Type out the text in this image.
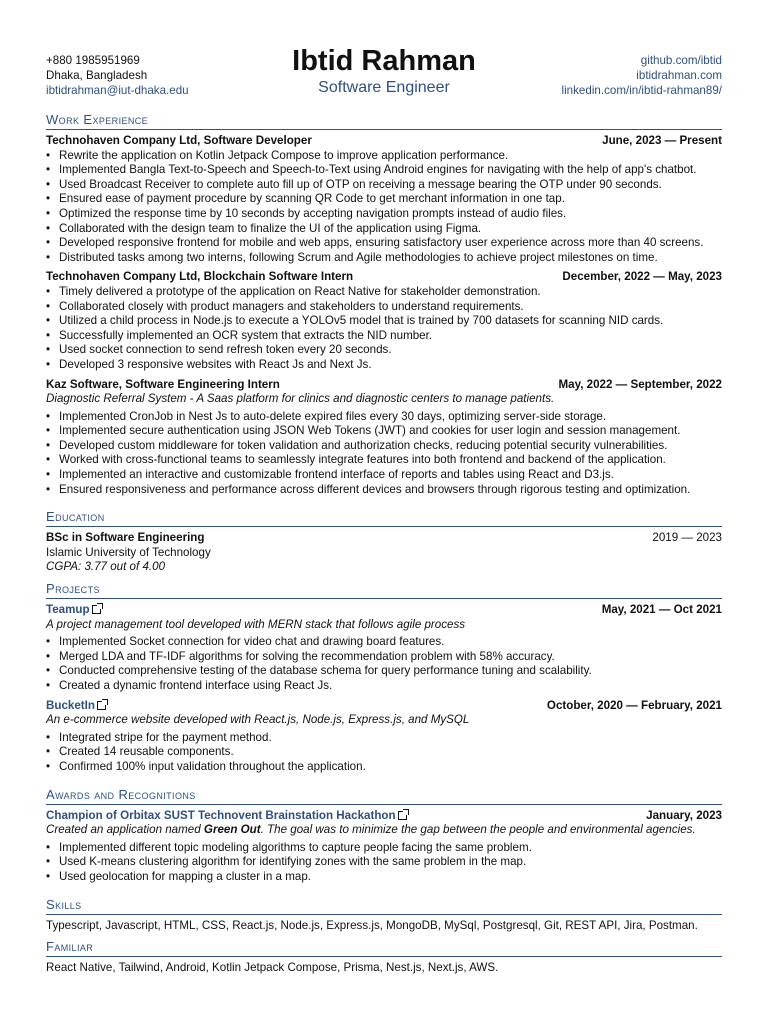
+880 1985951969
Dhaka, Bangladesh
ibtidrahman@iut-dhaka.edu
Ibtid Rahman
Software Engineer
github.com/ibtid
ibtidrahman.com
linkedin.com/in/ibtid-rahman89/
Work Experience
Technohaven Company Ltd, Software Developer	June, 2023 — Present
• Rewrite the application on Kotlin Jetpack Compose to improve application performance.
• Implemented Bangla Text-to-Speech and Speech-to-Text using Android engines for navigating with the help of app's chatbot.
• Used Broadcast Receiver to complete auto fill up of OTP on receiving a message bearing the OTP under 90 seconds.
• Ensured ease of payment procedure by scanning QR Code to get merchant information in one tap.
• Optimized the response time by 10 seconds by accepting navigation prompts instead of audio files.
• Collaborated with the design team to finalize the UI of the application using Figma.
• Developed responsive frontend for mobile and web apps, ensuring satisfactory user experience across more than 40 screens.
• Distributed tasks among two interns, following Scrum and Agile methodologies to achieve project milestones on time.
Technohaven Company Ltd, Blockchain Software Intern	December, 2022 — May, 2023
• Timely delivered a prototype of the application on React Native for stakeholder demonstration.
• Collaborated closely with product managers and stakeholders to understand requirements.
• Utilized a child process in Node.js to execute a YOLOv5 model that is trained by 700 datasets for scanning NID cards.
• Successfully implemented an OCR system that extracts the NID number.
• Used socket connection to send refresh token every 20 seconds.
• Developed 3 responsive websites with React Js and Next Js.
Kaz Software, Software Engineering Intern	May, 2022 — September, 2022
Diagnostic Referral System - A Saas platform for clinics and diagnostic centers to manage patients.
• Implemented CronJob in Nest Js to auto-delete expired files every 30 days, optimizing server-side storage.
• Implemented secure authentication using JSON Web Tokens (JWT) and cookies for user login and session management.
• Developed custom middleware for token validation and authorization checks, reducing potential security vulnerabilities.
• Worked with cross-functional teams to seamlessly integrate features into both frontend and backend of the application.
• Implemented an interactive and customizable frontend interface of reports and tables using React and D3.js.
• Ensured responsiveness and performance across different devices and browsers through rigorous testing and optimization.
Education
BSc in Software Engineering	2019 — 2023
Islamic University of Technology
CGPA: 3.77 out of 4.00
Projects
Teamup	May, 2021 — Oct 2021
A project management tool developed with MERN stack that follows agile process
• Implemented Socket connection for video chat and drawing board features.
• Merged LDA and TF-IDF algorithms for solving the recommendation problem with 58% accuracy.
• Conducted comprehensive testing of the database schema for query performance tuning and scalability.
• Created a dynamic frontend interface using React Js.
BucketIn	October, 2020 — February, 2021
An e-commerce website developed with React.js, Node.js, Express.js, and MySQL
• Integrated stripe for the payment method.
• Created 14 reusable components.
• Confirmed 100% input validation throughout the application.
Awards and Recognitions
Champion of Orbitax SUST Technovent Brainstation Hackathon	January, 2023
Created an application named Green Out. The goal was to minimize the gap between the people and environmental agencies.
• Implemented different topic modeling algorithms to capture people facing the same problem.
• Used K-means clustering algorithm for identifying zones with the same problem in the map.
• Used geolocation for mapping a cluster in a map.
Skills
Typescript, Javascript, HTML, CSS, React.js, Node.js, Express.js, MongoDB, MySql, Postgresql, Git, REST API, Jira, Postman.
Familiar
React Native, Tailwind, Android, Kotlin Jetpack Compose, Prisma, Nest.js, Next.js, AWS.
